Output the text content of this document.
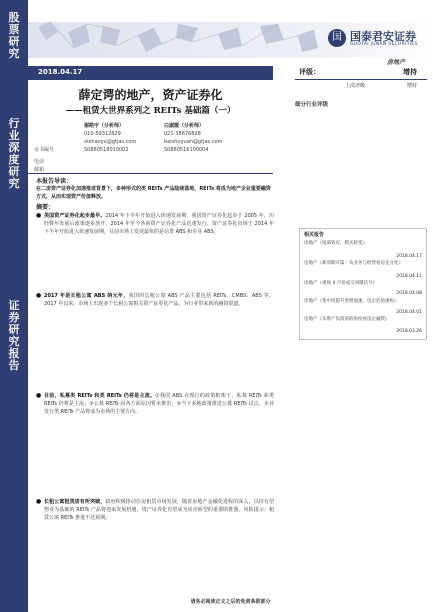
股票研究
行业深度研究
证券研究报告
国 国泰君安证券
GUOTAI JUNAN SECURITIES
房地产
2018.04.17
薛定谔的地产，资产证券化
——租赁大世界系列之 REITs 基础篇（一）
电话
邮箱
谢皓宇（分析师）
010-59312829
xiehaoyu@gtjas.com
S0880518010002
白淑媛（分析师）
021-38676828
baishuyuan@gtjas.com
S0880516100004
证书编号
评级：	增持
上次评级：	增持
细分行业评级
相关报告
房地产《尾部效应，模式转变》
2018.04.17
房地产《新周期开篇：从业务与经营看房企分化》
2018.04.11
房地产《重视 4 月份成交回暖信号》
2018.04.08
房地产《集中度提升进程加速，房企估值重构》
2018.04.01
房地产《从资产负债表的角度看房企融资》
2018.03.26
本报告导读：
在二房资产证券化加速推进背景下，多种形式的类 REITs 产品陆续落地，REITs 将成为地产企业重要融资方式，从而实现资产价值释放。
摘要：
● 美国资产证券化起步最早。2014 年下半年开始进入快速发展期，我国资产证券化起步于 2005 年，历经数年发展后政策逐步放开，2014 年至今各项资产证券化产品迅速发行。资产证券化市场于 2014 年下半年开始进入快速发展期，目前市场上发展最快的是信贷 ABS 和企业 ABS。
● 2017 年是长租公寓 ABS 纳元年，我国的长租公寓 ABS 产品主要包括 REITs、CMBS、ABS 等，2017 年以来，市场上出现多个长租公寓相关资产证券化产品，为行业带来新的融资渠道。
● 目前，私募类 REITs 和类 REITs 仍将是主流。①我国 ABS 在现行的政策框架下，私募 REITs 和类 REITs 仍将是主流；②公募 REITs 因各方面原因暂未推出；③当下多地政策推进公募 REITs 试点，企业发行类 REITs 产品将成为市场的主要方向。
● 长租公寓租赁房有所突破，政府积极推动住房租赁市场发展，随着房地产金融化进程的深入，以持有型物业为基础的 REITs 产品将迎来发展机遇，资产证券化有望成为房企转型的重要助推器。风险提示：租赁公寓 REITs 推进不达预期。
请务必阅读正文之后的免责条款部分
